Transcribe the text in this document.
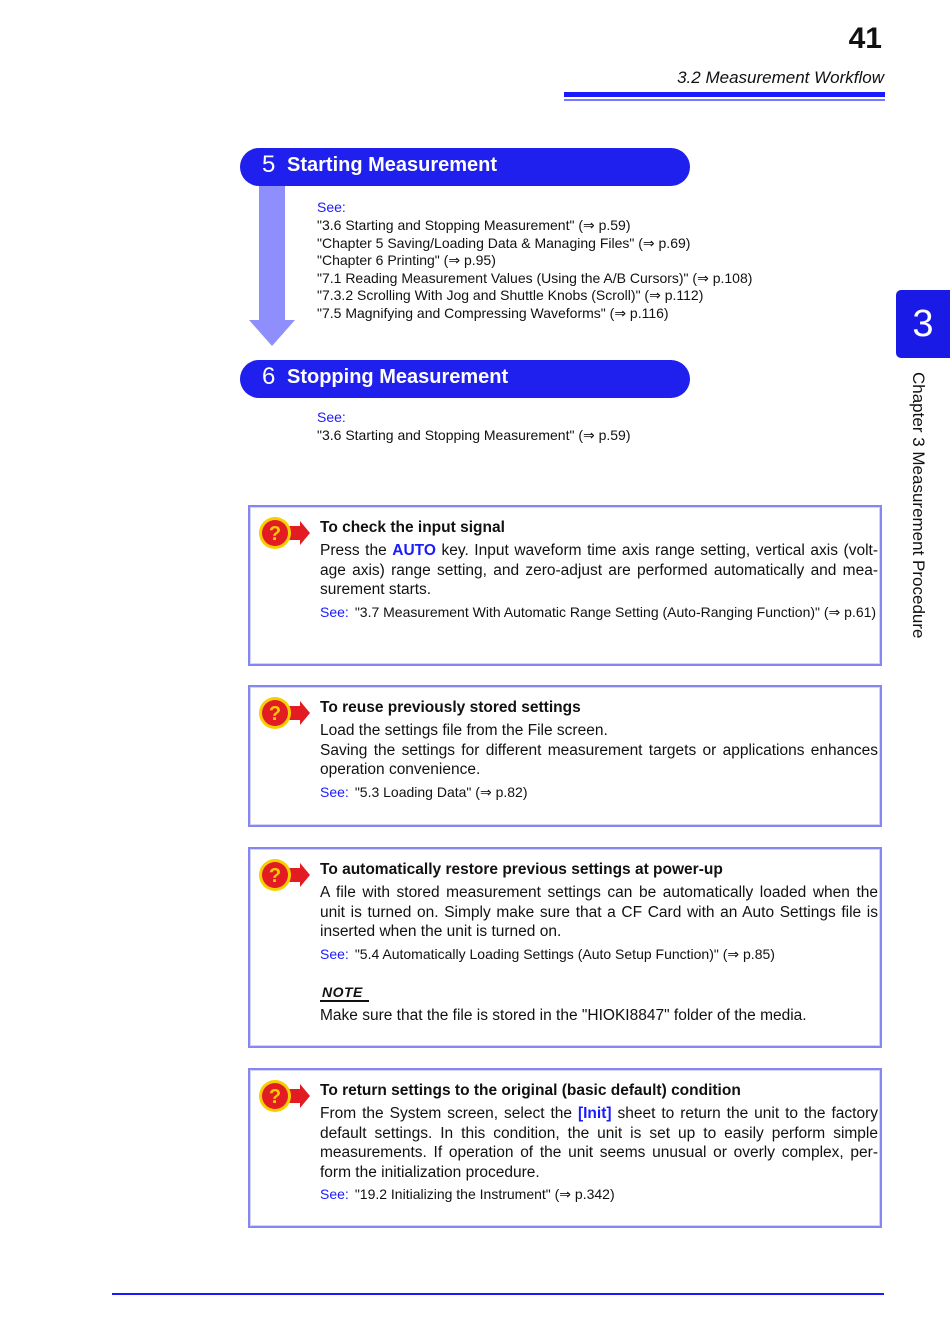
41
3.2 Measurement Workflow
3
Chapter 3 Measurement Procedure
5 Starting Measurement
See:
"3.6 Starting and Stopping Measurement" (⇒ p.59)
"Chapter 5 Saving/Loading Data & Managing Files" (⇒ p.69)
"Chapter 6 Printing" (⇒ p.95)
"7.1 Reading Measurement Values (Using the A/B Cursors)" (⇒ p.108)
"7.3.2 Scrolling With Jog and Shuttle Knobs (Scroll)" (⇒ p.112)
"7.5 Magnifying and Compressing Waveforms" (⇒ p.116)
6 Stopping Measurement
See:
"3.6 Starting and Stopping Measurement" (⇒ p.59)
?	To check the input signal
Press the AUTO key. Input waveform time axis range setting, vertical axis (volt-age axis) range setting, and zero-adjust are performed automatically and mea-surement starts.
See: "3.7 Measurement With Automatic Range Setting (Auto-Ranging Function)" (⇒ p.61)
?	To reuse previously stored settings
Load the settings file from the File screen.
Saving the settings for different measurement targets or applications enhances operation convenience.
See: "5.3 Loading Data" (⇒ p.82)
?	To automatically restore previous settings at power-up
A file with stored measurement settings can be automatically loaded when the unit is turned on. Simply make sure that a CF Card with an Auto Settings file is inserted when the unit is turned on.
See: "5.4 Automatically Loading Settings (Auto Setup Function)" (⇒ p.85)
NOTE
Make sure that the file is stored in the "HIOKI8847" folder of the media.
?	To return settings to the original (basic default) condition
From the System screen, select the [Init] sheet to return the unit to the factory default settings. In this condition, the unit is set up to easily perform simple measurements. If operation of the unit seems unusual or overly complex, per-form the initialization procedure.
See: "19.2 Initializing the Instrument" (⇒ p.342)
